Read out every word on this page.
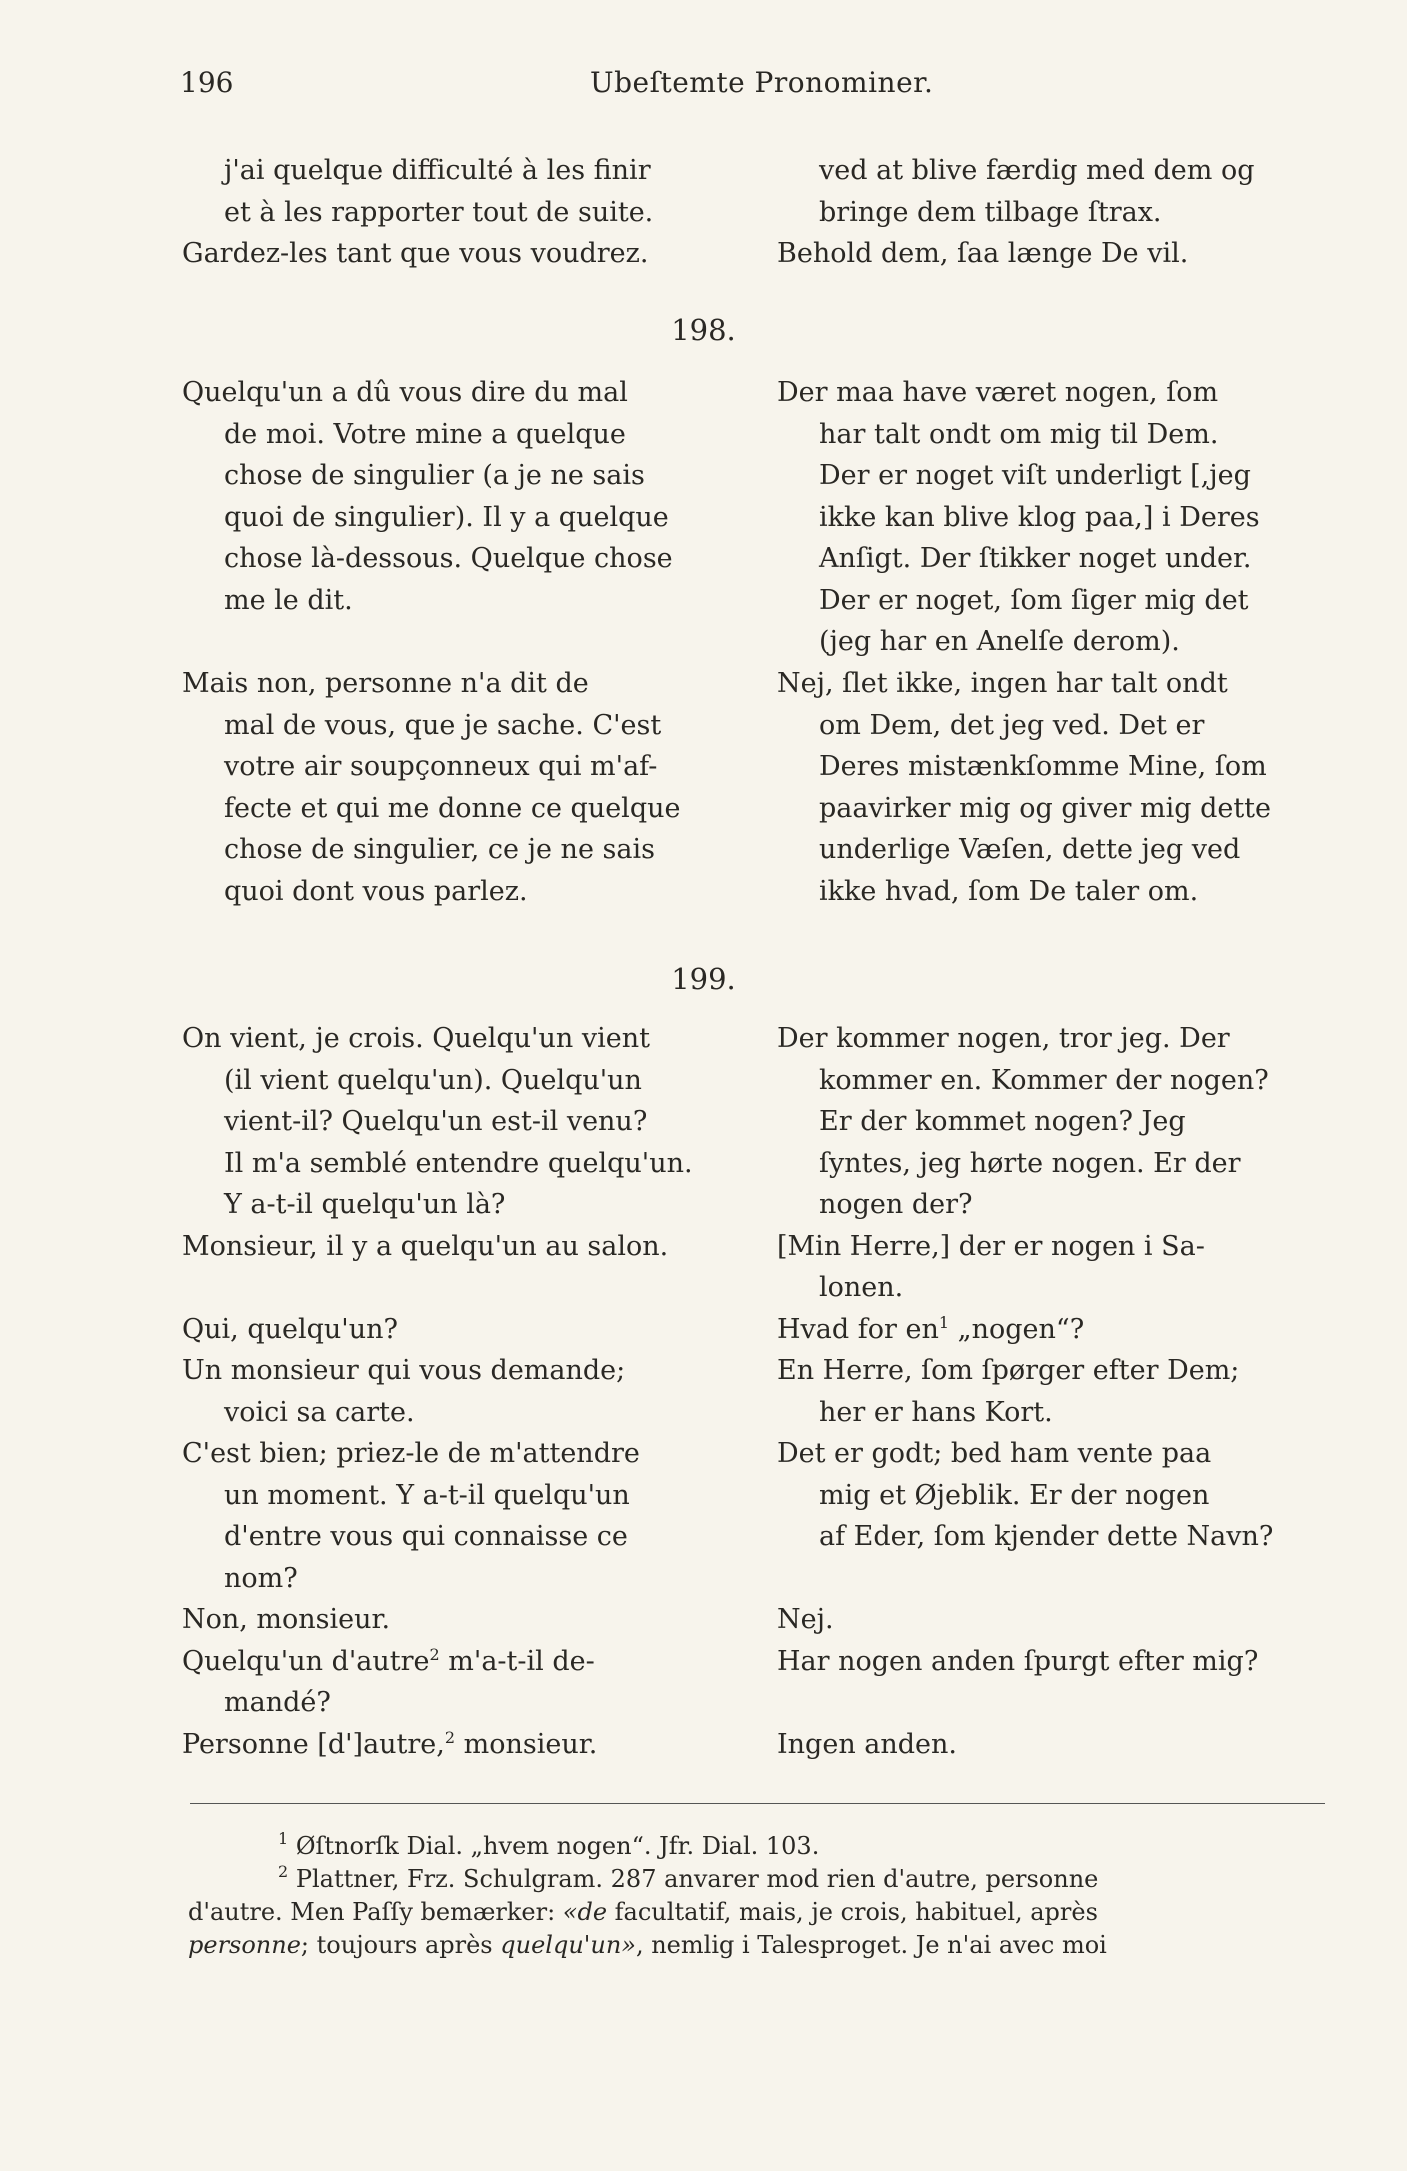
196	Ubeſtemte Pronominer.
j'ai quelque difficulté à les finir
et à les rapporter tout de suite.
Gardez-les tant que vous voudrez.
ved at blive færdig med dem og
bringe dem tilbage ſtrax.
Behold dem, ſaa længe De vil.
198.
Quelqu'un a dû vous dire du mal
de moi. Votre mine a quelque
chose de singulier (a je ne sais
quoi de singulier). Il y a quelque
chose là-dessous. Quelque chose
me le dit.
Mais non, personne n'a dit de
mal de vous, que je sache. C'est
votre air soupçonneux qui m'af-
fecte et qui me donne ce quelque
chose de singulier, ce je ne sais
quoi dont vous parlez.
Der maa have været nogen, ſom
har talt ondt om mig til Dem.
Der er noget viſt underligt [,jeg
ikke kan blive klog paa,] i Deres
Anſigt. Der ſtikker noget under.
Der er noget, ſom ſiger mig det
(jeg har en Anelſe derom).
Nej, ſlet ikke, ingen har talt ondt
om Dem, det jeg ved. Det er
Deres mistænkſomme Mine, ſom
paavirker mig og giver mig dette
underlige Væſen, dette jeg ved
ikke hvad, ſom De taler om.
199.
On vient, je crois. Quelqu'un vient
(il vient quelqu'un). Quelqu'un
vient-il? Quelqu'un est-il venu?
Il m'a semblé entendre quelqu'un.
Y a-t-il quelqu'un là?
Monsieur, il y a quelqu'un au salon.

Qui, quelqu'un?
Un monsieur qui vous demande;
voici sa carte.
C'est bien; priez-le de m'attendre
un moment. Y a-t-il quelqu'un
d'entre vous qui connaisse ce
nom?
Non, monsieur.
Quelqu'un d'autre$^2$ m'a-t-il de-
mandé?
Personne [d']autre,$^2$ monsieur.
Der kommer nogen, tror jeg. Der
kommer en. Kommer der nogen?
Er der kommet nogen? Jeg
ſyntes, jeg hørte nogen. Er der
nogen der?
[Min Herre,] der er nogen i Sa-
lonen.
Hvad for $en^1$ „nogen“?
En Herre, ſom ſpørger efter Dem;
her er hans Kort.
Det er godt; bed ham vente paa
mig et Øjeblik. Er der nogen
af Eder, ſom kjender dette Navn?

Nej.
Har nogen anden ſpurgt efter mig?

Ingen anden.
$^1$ Øſtnorſk Dial. „hvem nogen“. Jfr. Dial. 103.
$^2$ Plattner, Frz. Schulgram. 287 anvarer mod rien d'autre, personne
d'autre. Men Paſſy bemærker: «de facultatif, mais, je crois, habituel, après
personne; toujours après quelqu'un», nemlig i Talesproget. Je n'ai avec moi
